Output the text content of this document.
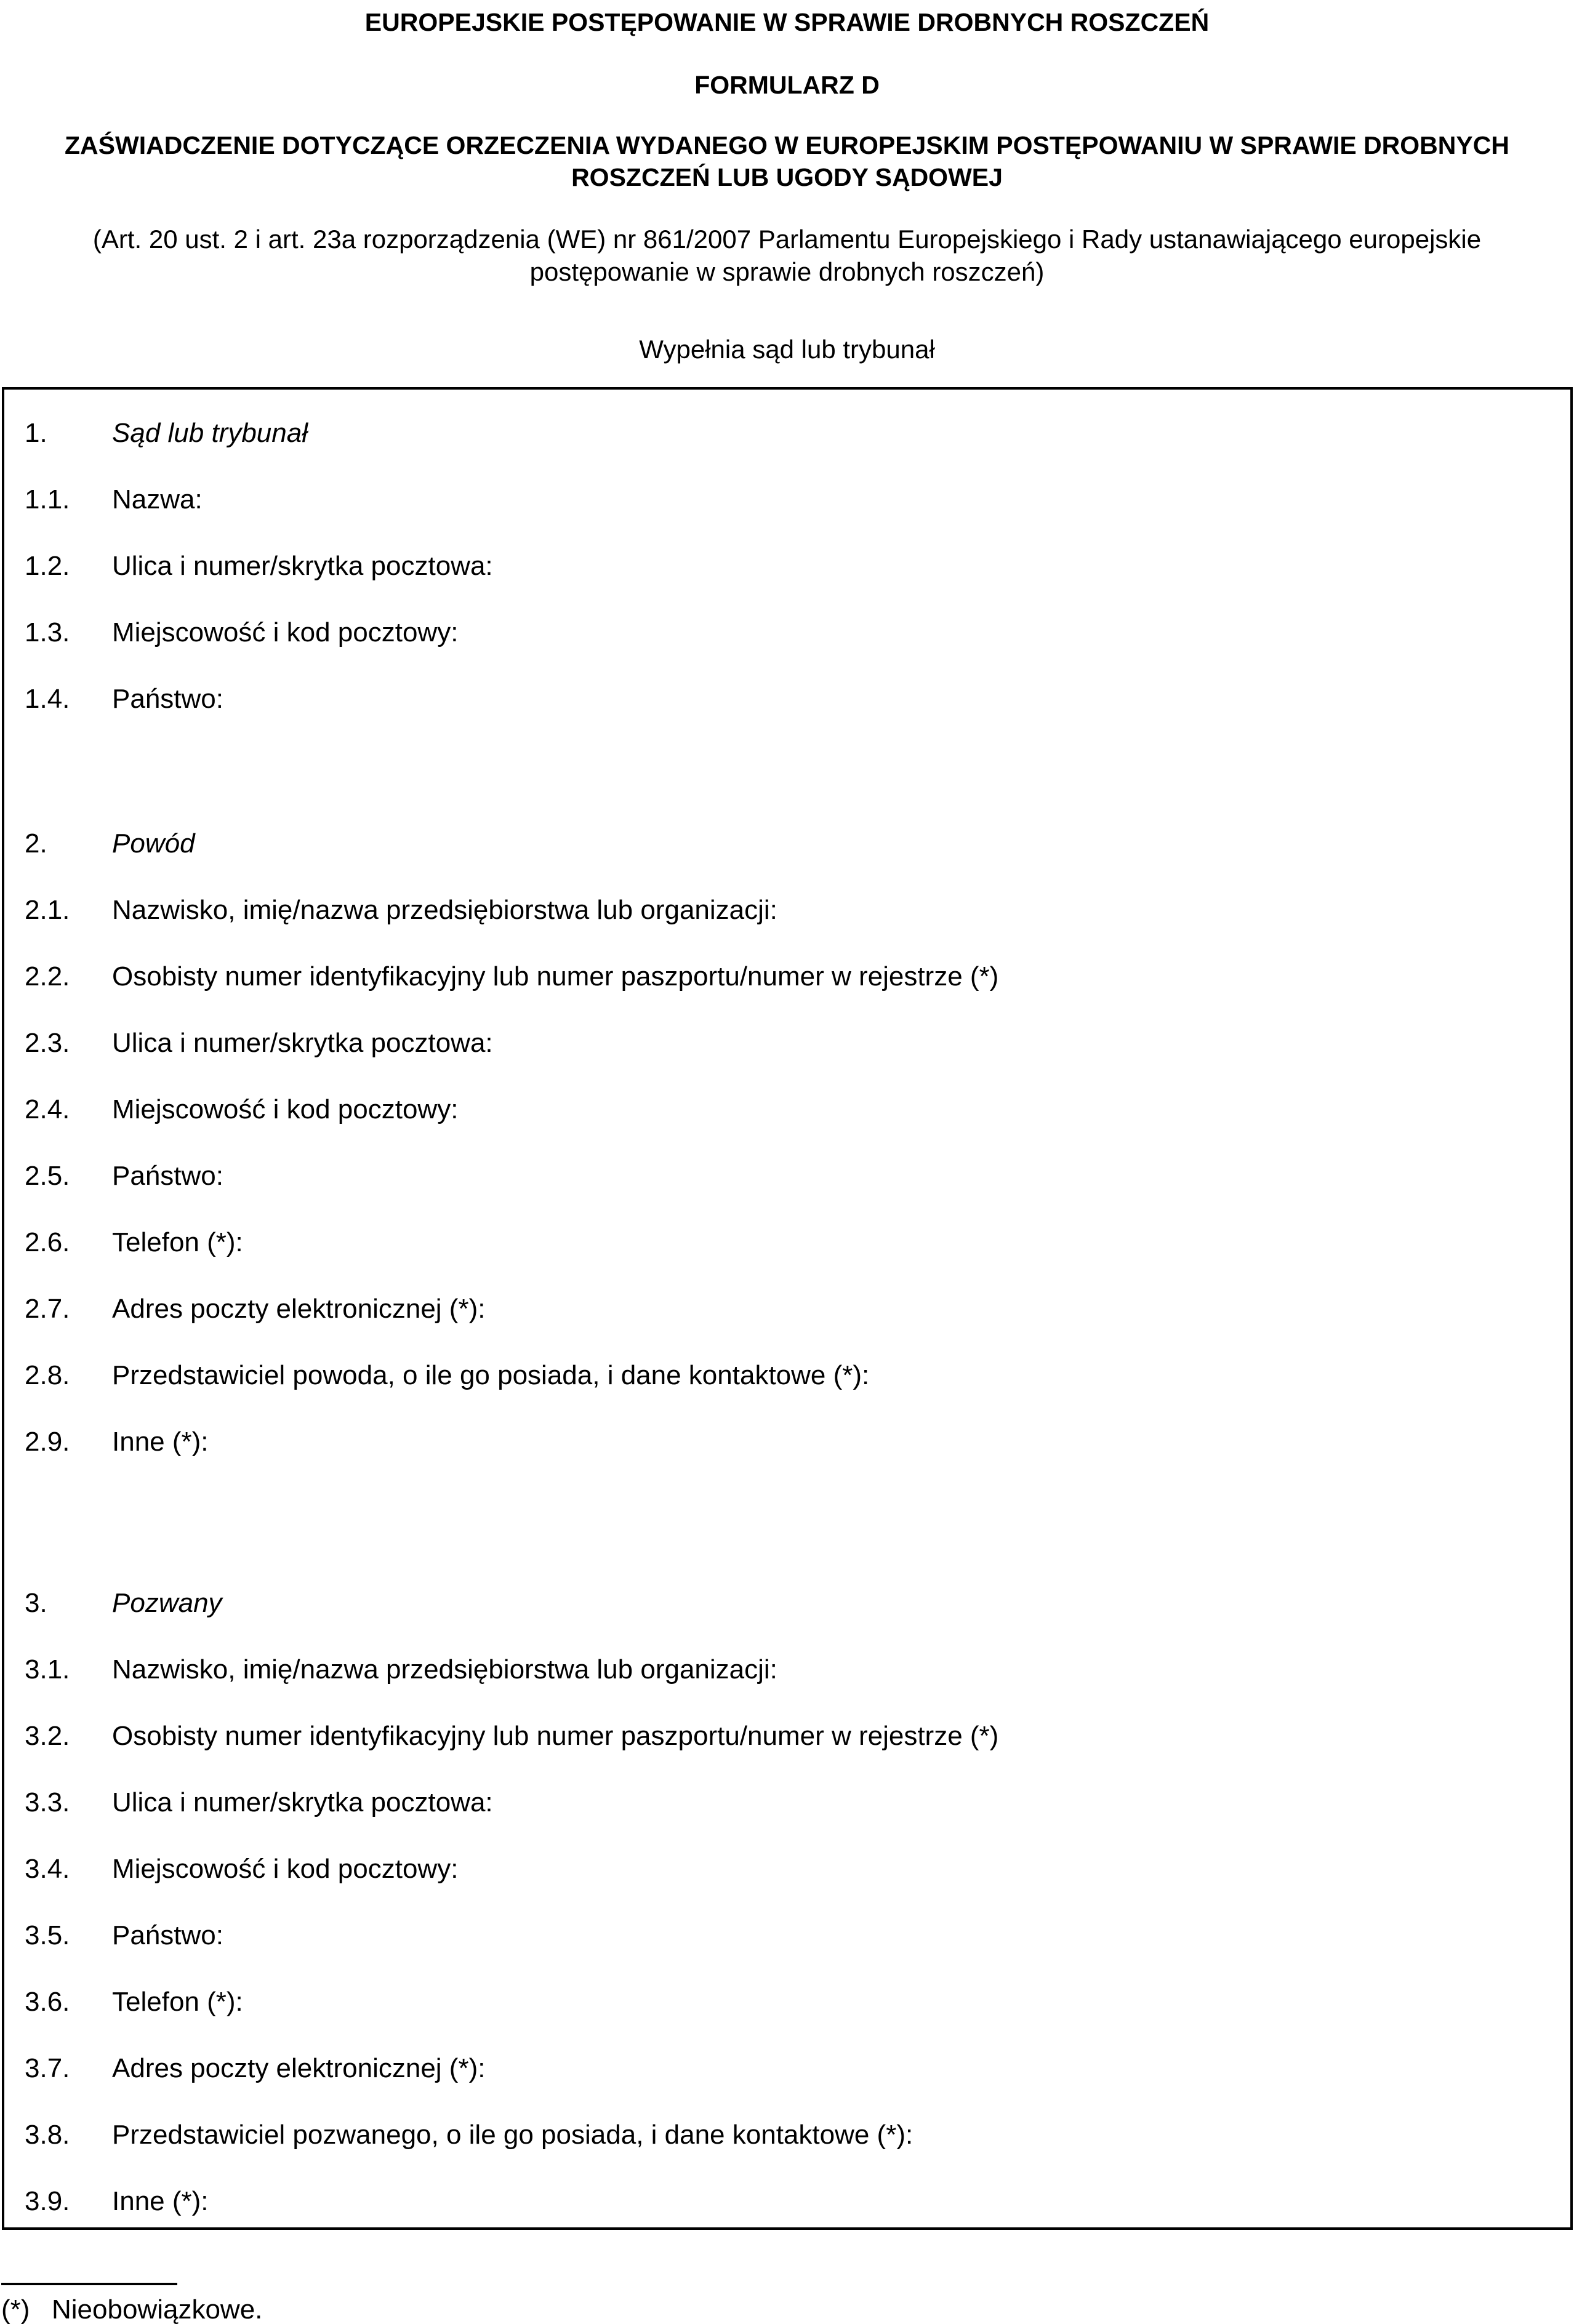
EUROPEJSKIE POSTĘPOWANIE W SPRAWIE DROBNYCH ROSZCZEŃ
FORMULARZ D
ZAŚWIADCZENIE DOTYCZĄCE ORZECZENIA WYDANEGO W EUROPEJSKIM POSTĘPOWANIU W SPRAWIE DROBNYCH
ROSZCZEŃ LUB UGODY SĄDOWEJ
(Art. 20 ust. 2 i art. 23a rozporządzenia (WE) nr 861/2007 Parlamentu Europejskiego i Rady ustanawiającego europejskie
postępowanie w sprawie drobnych roszczeń)
Wypełnia sąd lub trybunał
1. Sąd lub trybunał
1.1. Nazwa:
1.2. Ulica i numer/skrytka pocztowa:
1.3. Miejscowość i kod pocztowy:
1.4. Państwo:
2. Powód
2.1. Nazwisko, imię/nazwa przedsiębiorstwa lub organizacji:
2.2. Osobisty numer identyfikacyjny lub numer paszportu/numer w rejestrze (*)
2.3. Ulica i numer/skrytka pocztowa:
2.4. Miejscowość i kod pocztowy:
2.5. Państwo:
2.6. Telefon (*):
2.7. Adres poczty elektronicznej (*):
2.8. Przedstawiciel powoda, o ile go posiada, i dane kontaktowe (*):
2.9. Inne (*):
3. Pozwany
3.1. Nazwisko, imię/nazwa przedsiębiorstwa lub organizacji:
3.2. Osobisty numer identyfikacyjny lub numer paszportu/numer w rejestrze (*)
3.3. Ulica i numer/skrytka pocztowa:
3.4. Miejscowość i kod pocztowy:
3.5. Państwo:
3.6. Telefon (*):
3.7. Adres poczty elektronicznej (*):
3.8. Przedstawiciel pozwanego, o ile go posiada, i dane kontaktowe (*):
3.9. Inne (*):
(*) Nieobowiązkowe.
